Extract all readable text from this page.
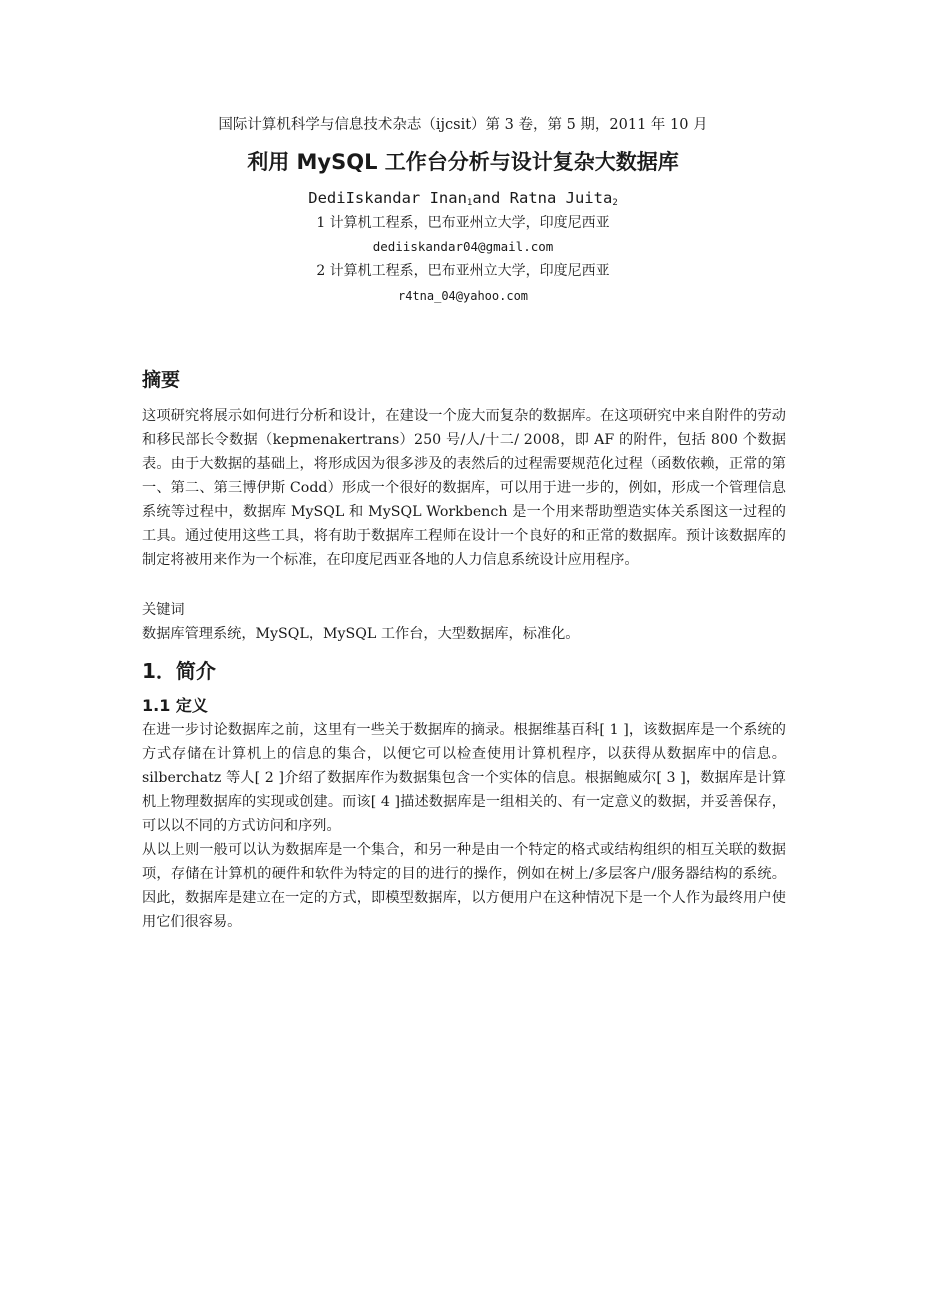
国际计算机科学与信息技术杂志（ijcsit）第 3 卷，第 5 期，2011 年 10 月
利用 MySQL 工作台分析与设计复杂大数据库
DediIskandar Inan$_1$and Ratna Juita$_2$
1 计算机工程系，巴布亚州立大学，印度尼西亚
dediiskandar04@gmail.com
2 计算机工程系，巴布亚州立大学，印度尼西亚
r4tna_04@yahoo.com
摘要
这项研究将展示如何进行分析和设计，在建设一个庞大而复杂的数据库。在这项研究中来自附件的劳动和移民部长令数据（kepmenakertrans）250 号/人/十二/ 2008，即 AF 的附件，包括 800 个数据表。由于大数据的基础上，将形成因为很多涉及的表然后的过程需要规范化过程（函数依赖，正常的第一、第二、第三博伊斯 Codd）形成一个很好的数据库，可以用于进一步的，例如，形成一个管理信息系统等过程中，数据库 MySQL 和 MySQL Workbench 是一个用来帮助塑造实体关系图这一过程的工具。通过使用这些工具，将有助于数据库工程师在设计一个良好的和正常的数据库。预计该数据库的制定将被用来作为一个标准，在印度尼西亚各地的人力信息系统设计应用程序。
关键词
数据库管理系统，MySQL，MySQL 工作台，大型数据库，标准化。
1．简介
1.1 定义
在进一步讨论数据库之前，这里有一些关于数据库的摘录。根据维基百科[ 1 ]，该数据库是一个系统的方式存储在计算机上的信息的集合，以便它可以检查使用计算机程序，以获得从数据库中的信息。silberchatz 等人[ 2 ]介绍了数据库作为数据集包含一个实体的信息。根据鲍威尔[ 3 ]，数据库是计算机上物理数据库的实现或创建。而该[ 4 ]描述数据库是一组相关的、有一定意义的数据，并妥善保存，可以以不同的方式访问和序列。
从以上则一般可以认为数据库是一个集合，和另一种是由一个特定的格式或结构组织的相互关联的数据项，存储在计算机的硬件和软件为特定的目的进行的操作，例如在树上/多层客户/服务器结构的系统。因此，数据库是建立在一定的方式，即模型数据库，以方便用户在这种情况下是一个人作为最终用户使用它们很容易。
